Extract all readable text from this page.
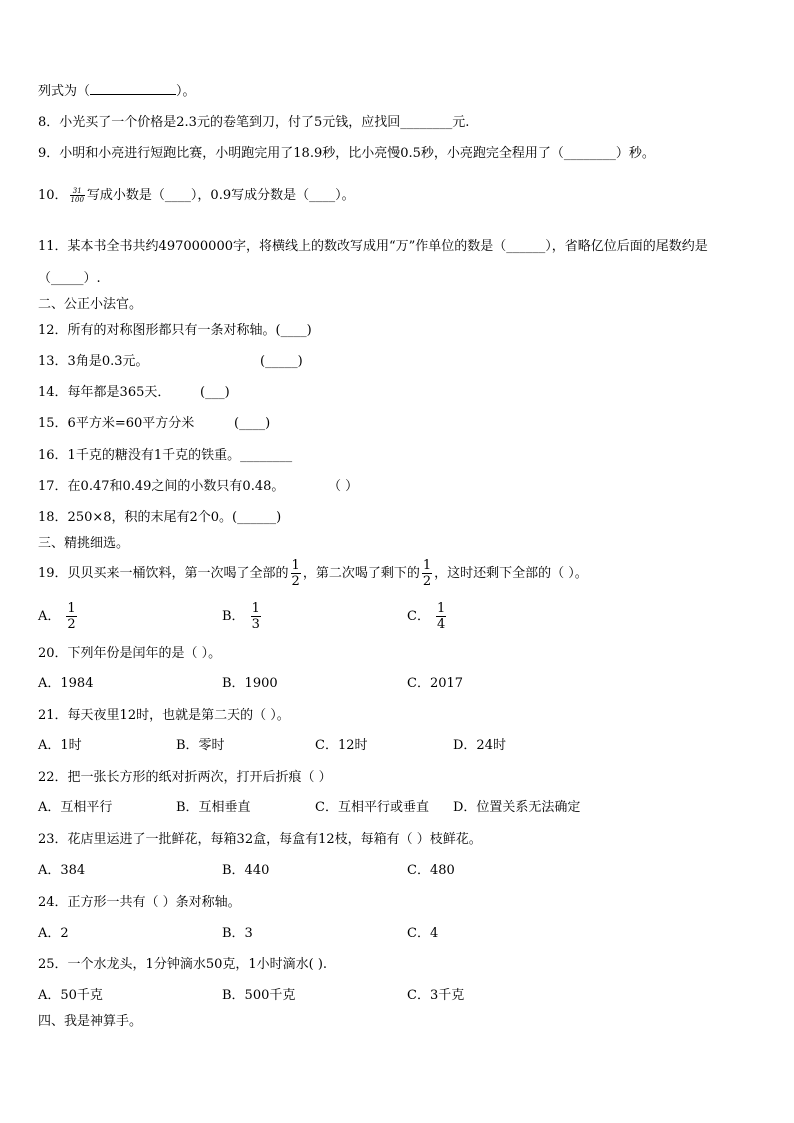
列式为（	）。
8．小光买了一个价格是2.3元的卷笔到刀，付了5元钱，应找回________元.
9．小明和小亮进行短跑比赛，小明跑完用了18.9秒，比小亮慢0.5秒，小亮跑完全程用了（________）秒。
10． $\frac{31}{100}$ 写成小数是（____），0.9写成分数是（____）。
11．某本书全书共约497000000字，将横线上的数改写成用“万”作单位的数是（______），省略亿位后面的尾数约是
（_____）.
二、公正小法官。
12．所有的对称图形都只有一条对称轴。(____)
13．3角是0.3元。	(_____)
14．每年都是365天． (___)
15．6平方米=60平方分米	(____)
16．1千克的糖没有1千克的铁重。________
17．在0.47和0.49之间的小数只有0.48。	（ ）
18．250×8，积的末尾有2个0。(______)
三、精挑细选。
19．贝贝买来一桶饮料，第一次喝了全部的 $\frac{1}{2}$ ，第二次喝了剩下的 $\frac{1}{2}$ ，这时还剩下全部的（ ）。
A． $\frac{1}{2}$	B． $\frac{1}{3}$	C． $\frac{1}{4}$
20．下列年份是闰年的是（ ）。
A．1984	B．1900	C．2017
21．每天夜里12时，也就是第二天的（ ）。
A．1时	B．零时	C．12时	D．24时
22．把一张长方形的纸对折两次，打开后折痕（ ）
A．互相平行	B．互相垂直	C．互相平行或垂直 D．位置关系无法确定
23．花店里运进了一批鲜花，每箱32盒，每盒有12枝，每箱有（ ）枝鲜花。
A．384	B．440	C．480
24．正方形一共有（ ）条对称轴。
A．2	B．3	C．4
25．一个水龙头，1分钟滴水50克，1小时滴水( ).
A．50千克	B．500千克	C．3千克
四、我是神算手。
